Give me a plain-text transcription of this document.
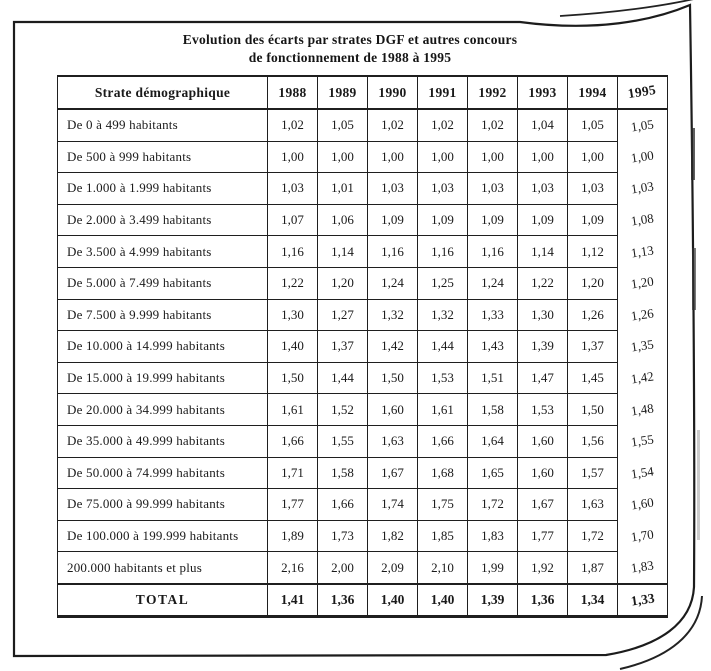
Evolution des écarts par strates DGF et autres concours
de fonctionnement de 1988 à 1995
Strate démographique	1988	1989	1990	1991	1992	1993	1994	1995
De 0 à 499 habitants	1,02	1,05	1,02	1,02	1,02	1,04	1,05	1,05
De 500 à 999 habitants	1,00	1,00	1,00	1,00	1,00	1,00	1,00	1,00
De 1.000 à 1.999 habitants	1,03	1,01	1,03	1,03	1,03	1,03	1,03	1,03
De 2.000 à 3.499 habitants	1,07	1,06	1,09	1,09	1,09	1,09	1,09	1,08
De 3.500 à 4.999 habitants	1,16	1,14	1,16	1,16	1,16	1,14	1,12	1,13
De 5.000 à 7.499 habitants	1,22	1,20	1,24	1,25	1,24	1,22	1,20	1,20
De 7.500 à 9.999 habitants	1,30	1,27	1,32	1,32	1,33	1,30	1,26	1,26
De 10.000 à 14.999 habitants	1,40	1,37	1,42	1,44	1,43	1,39	1,37	1,35
De 15.000 à 19.999 habitants	1,50	1,44	1,50	1,53	1,51	1,47	1,45	1,42
De 20.000 à 34.999 habitants	1,61	1,52	1,60	1,61	1,58	1,53	1,50	1,48
De 35.000 à 49.999 habitants	1,66	1,55	1,63	1,66	1,64	1,60	1,56	1,55
De 50.000 à 74.999 habitants	1,71	1,58	1,67	1,68	1,65	1,60	1,57	1,54
De 75.000 à 99.999 habitants	1,77	1,66	1,74	1,75	1,72	1,67	1,63	1,60
De 100.000 à 199.999 habitants	1,89	1,73	1,82	1,85	1,83	1,77	1,72	1,70
200.000 habitants et plus	2,16	2,00	2,09	2,10	1,99	1,92	1,87	1,83
TOTAL	1,41	1,36	1,40	1,40	1,39	1,36	1,34	1,33
